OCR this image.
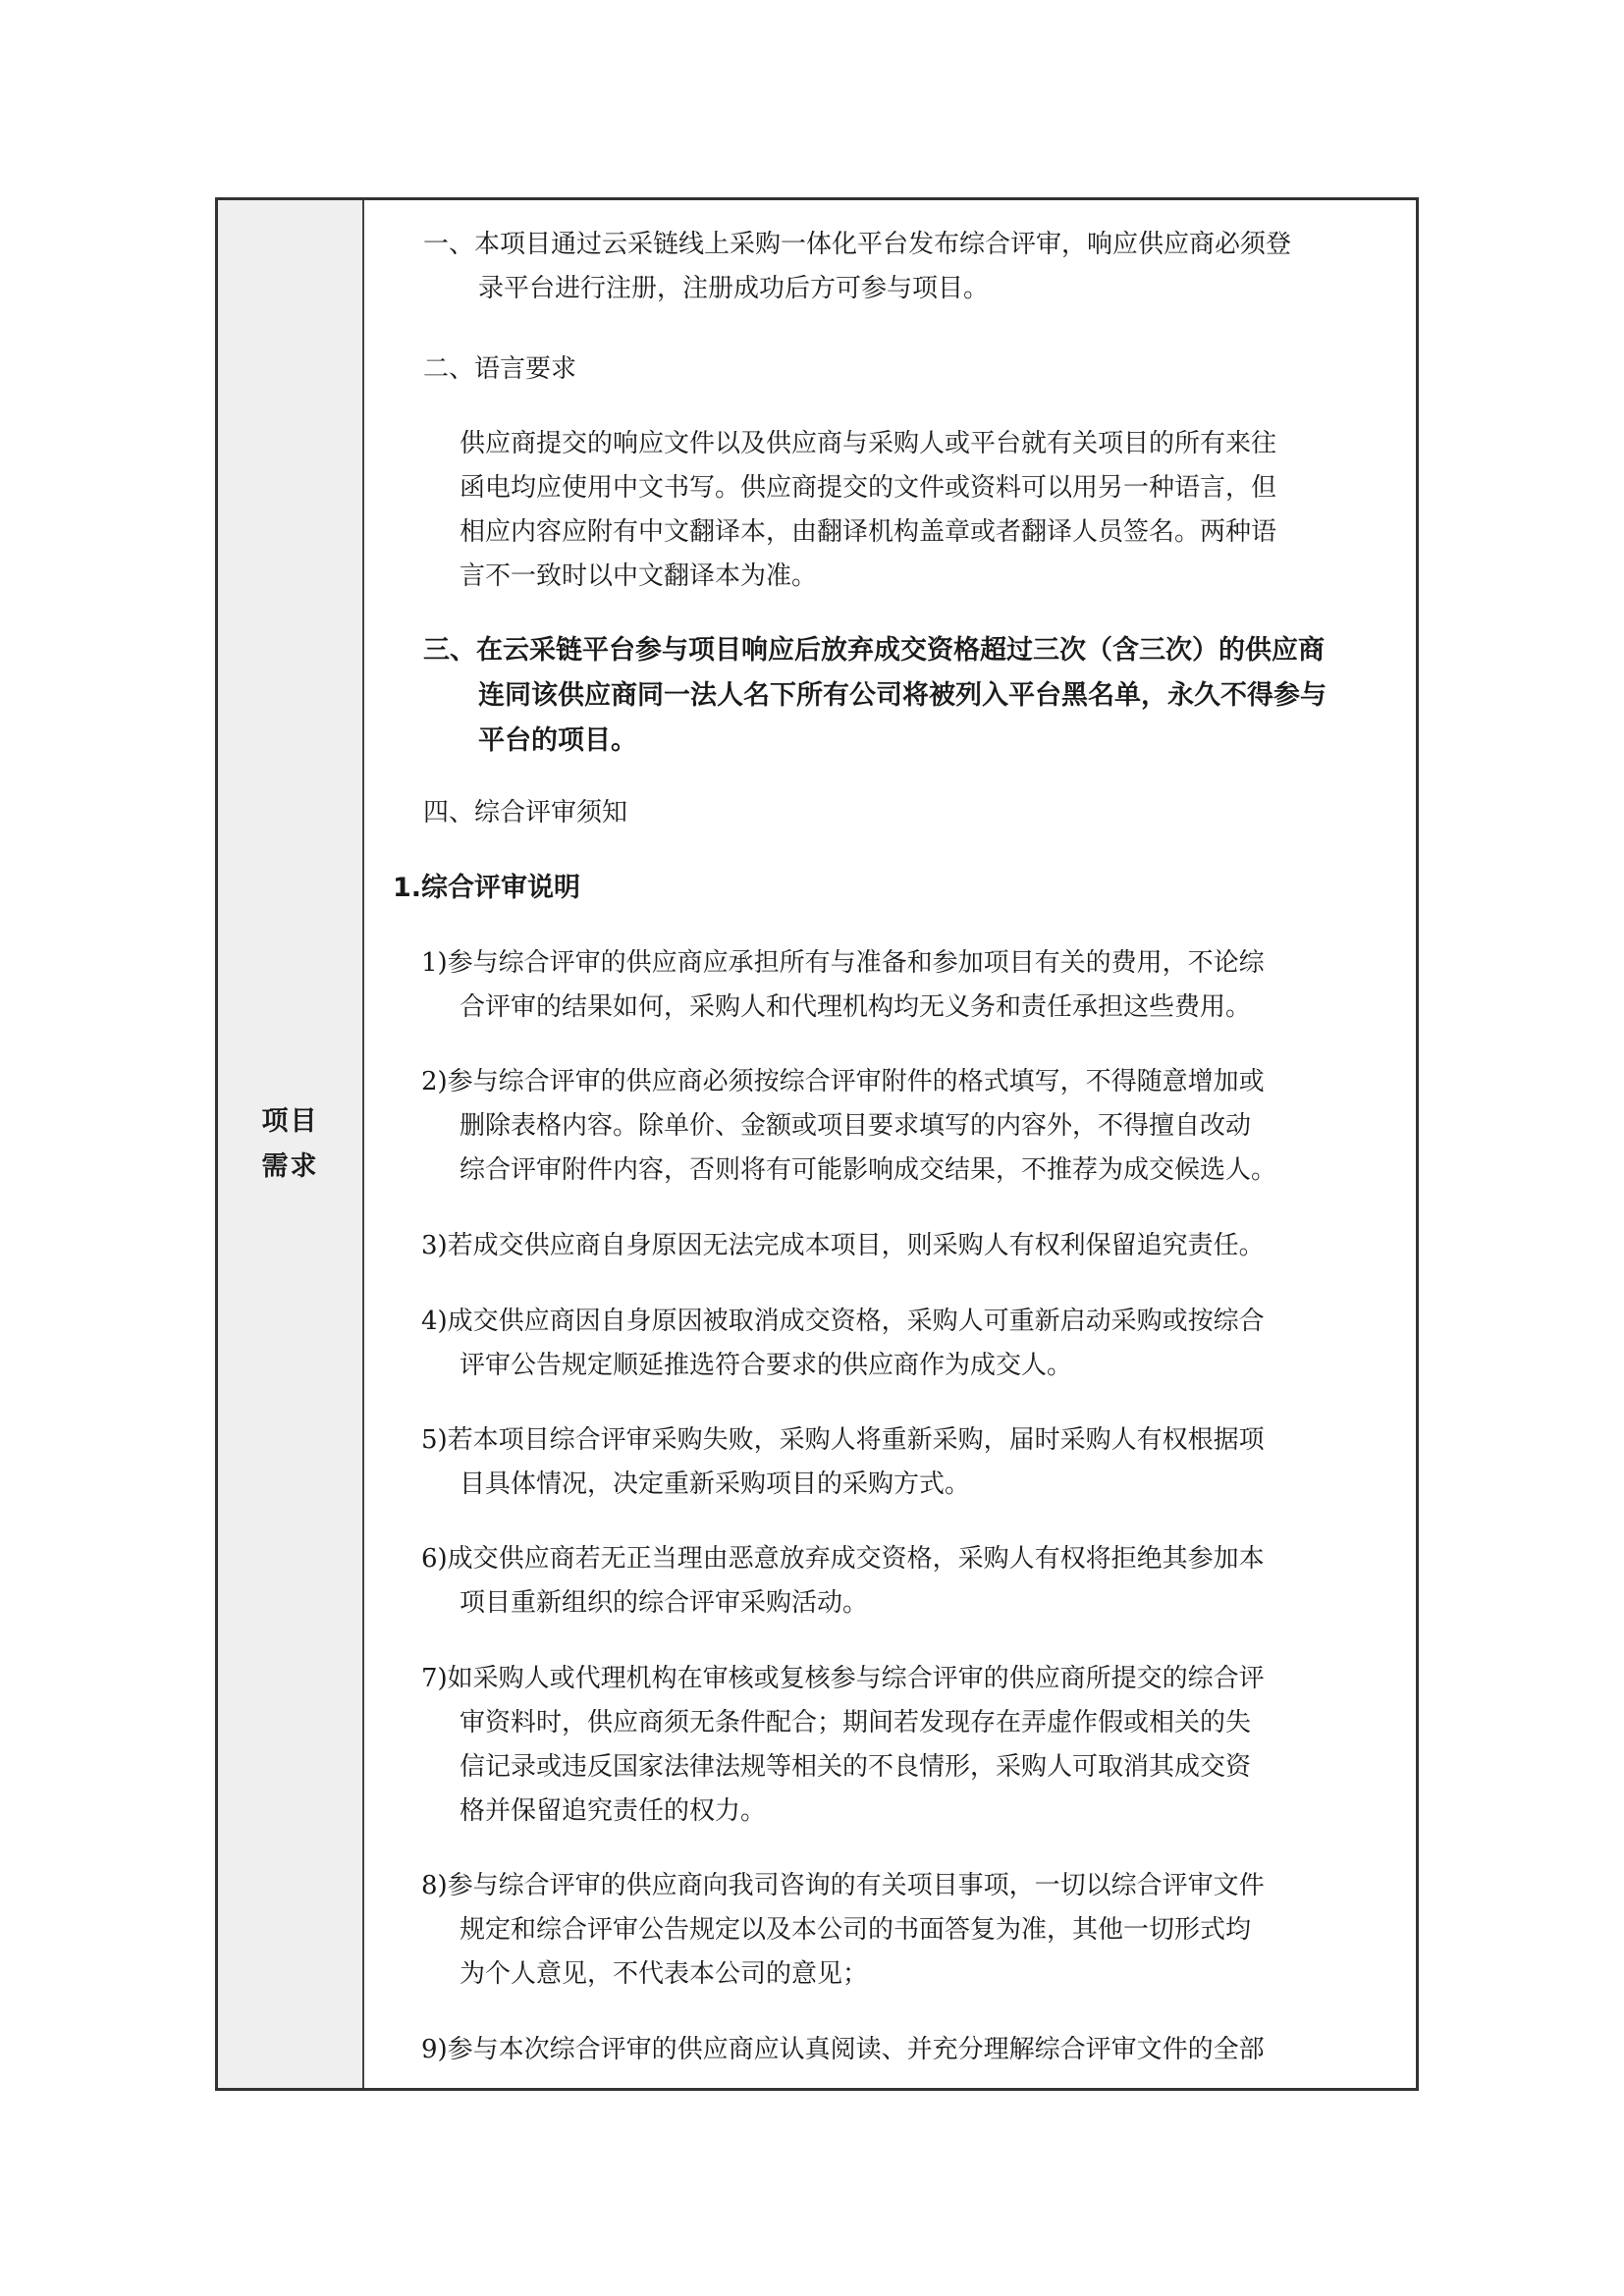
项目
需求
一、本项目通过云采链线上采购一体化平台发布综合评审，响应供应商必须登
录平台进行注册，注册成功后方可参与项目。
二、语言要求
供应商提交的响应文件以及供应商与采购人或平台就有关项目的所有来往
函电均应使用中文书写。供应商提交的文件或资料可以用另一种语言，但
相应内容应附有中文翻译本，由翻译机构盖章或者翻译人员签名。两种语
言不一致时以中文翻译本为准。
三、在云采链平台参与项目响应后放弃成交资格超过三次（含三次）的供应商
连同该供应商同一法人名下所有公司将被列入平台黑名单，永久不得参与
平台的项目。
四、综合评审须知
1.综合评审说明
1)参与综合评审的供应商应承担所有与准备和参加项目有关的费用，不论综
合评审的结果如何，采购人和代理机构均无义务和责任承担这些费用。
2)参与综合评审的供应商必须按综合评审附件的格式填写，不得随意增加或
删除表格内容。除单价、金额或项目要求填写的内容外，不得擅自改动
综合评审附件内容，否则将有可能影响成交结果，不推荐为成交候选人。
3)若成交供应商自身原因无法完成本项目，则采购人有权利保留追究责任。
4)成交供应商因自身原因被取消成交资格，采购人可重新启动采购或按综合
评审公告规定顺延推选符合要求的供应商作为成交人。
5)若本项目综合评审采购失败，采购人将重新采购，届时采购人有权根据项
目具体情况，决定重新采购项目的采购方式。
6)成交供应商若无正当理由恶意放弃成交资格，采购人有权将拒绝其参加本
项目重新组织的综合评审采购活动。
7)如采购人或代理机构在审核或复核参与综合评审的供应商所提交的综合评
审资料时，供应商须无条件配合；期间若发现存在弄虚作假或相关的失
信记录或违反国家法律法规等相关的不良情形，采购人可取消其成交资
格并保留追究责任的权力。
8)参与综合评审的供应商向我司咨询的有关项目事项，一切以综合评审文件
规定和综合评审公告规定以及本公司的书面答复为准，其他一切形式均
为个人意见，不代表本公司的意见；
9)参与本次综合评审的供应商应认真阅读、并充分理解综合评审文件的全部
